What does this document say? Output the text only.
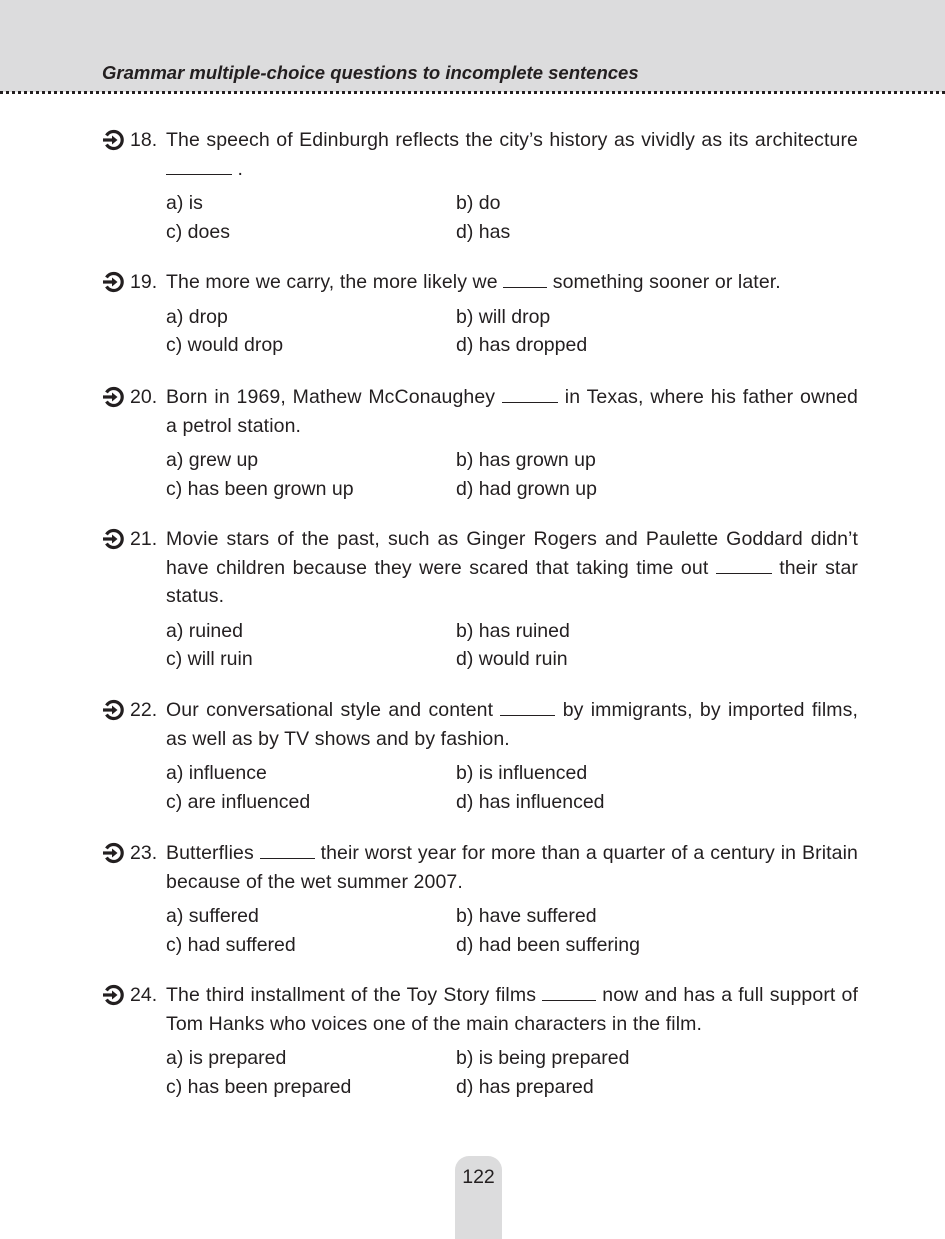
Grammar multiple-choice questions to incomplete sentences
18. The speech of Edinburgh reflects the city’s history as vividly as its architecture  .
a) is	b) do
c) does	d) has
19. The more we carry, the more likely we	something sooner or later.
a) drop	b) will drop
c) would drop	d) has dropped
20. Born in 1969, Mathew McConaughey	in Texas, where his father owned a petrol station.
a) grew up	b) has grown up
c) has been grown up	d) had grown up
21. Movie stars of the past, such as Ginger Rogers and Paulette Goddard didn’t have children because they were scared that taking time out	their star status.
a) ruined	b) has ruined
c) will ruin	d) would ruin
22. Our conversational style and content	by immigrants, by imported films, as well as by TV shows and by fashion.
a) influence	b) is influenced
c) are influenced	d) has influenced
23. Butterflies	their worst year for more than a quarter of a century in Britain because of the wet summer 2007.
a) suffered	b) have suffered
c) had suffered	d) had been suffering
24. The third installment of the Toy Story films	now and has a full support of Tom Hanks who voices one of the main characters in the film.
a) is prepared	b) is being prepared
c) has been prepared	d) has prepared
122
